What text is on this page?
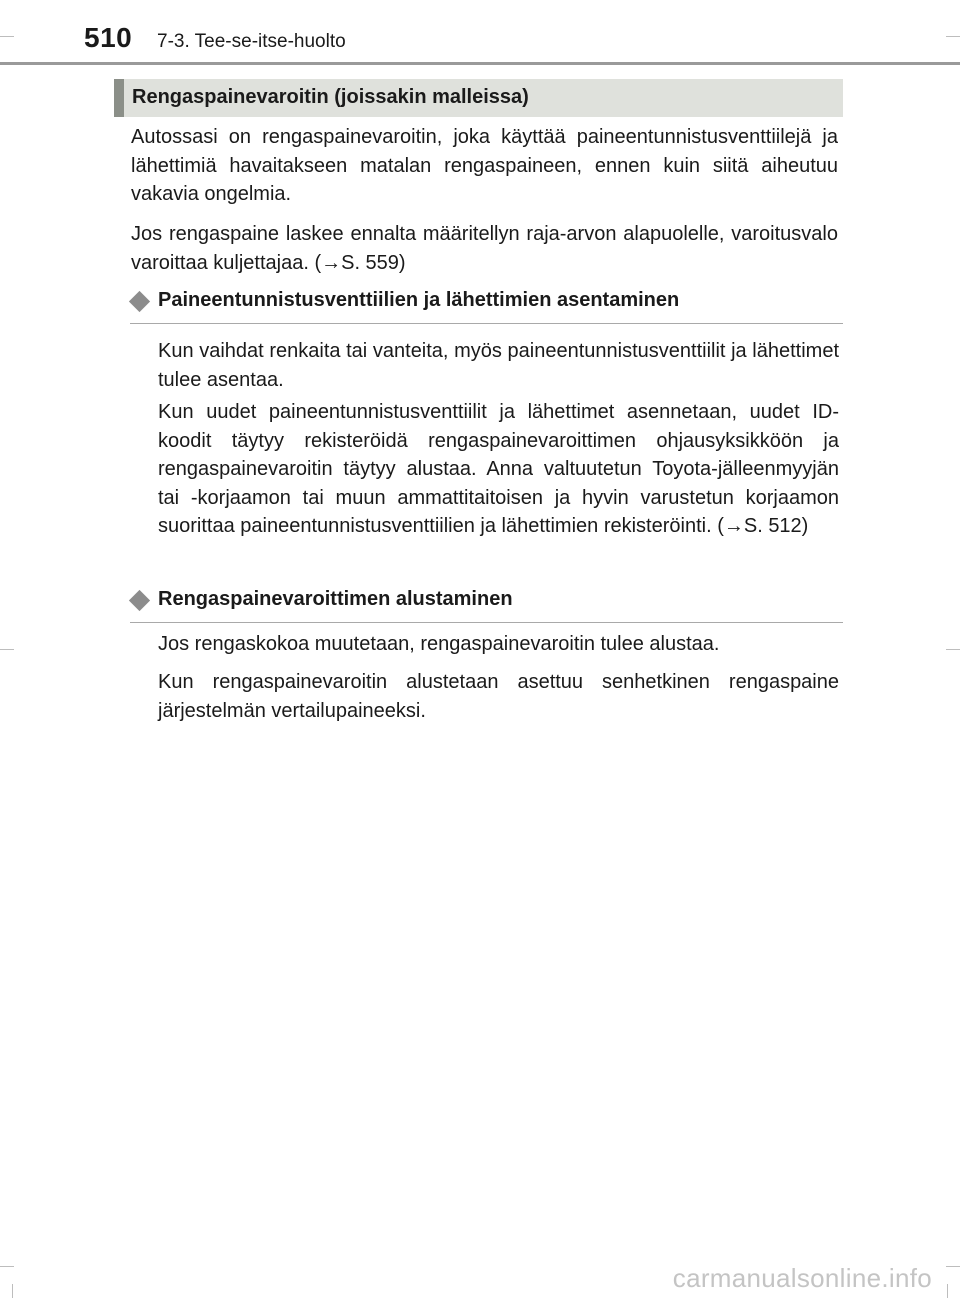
510 7-3. Tee-se-itse-huolto
Rengaspainevaroitin (joissakin malleissa)
Autossasi on rengaspainevaroitin, joka käyttää paineentunnistusventtiilejä ja lähettimiä havaitakseen matalan rengaspaineen, ennen kuin siitä aiheutuu vakavia ongelmia.
Jos rengaspaine laskee ennalta määritellyn raja-arvon alapuolelle, varoitusvalo varoittaa kuljettajaa. (→S. 559)
Paineentunnistusventtiilien ja lähettimien asentaminen
Kun vaihdat renkaita tai vanteita, myös paineentunnistusventtiilit ja lähettimet tulee asentaa.
Kun uudet paineentunnistusventtiilit ja lähettimet asennetaan, uudet ID-koodit täytyy rekisteröidä rengaspainevaroittimen ohjausyksikköön ja rengaspainevaroitin täytyy alustaa. Anna valtuutetun Toyota-jälleenmyyjän tai -korjaamon tai muun ammattitaitoisen ja hyvin varustetun korjaamon suorittaa paineentunnistusventtiilien ja lähettimien rekisteröinti. (→S. 512)
Rengaspainevaroittimen alustaminen
Jos rengaskokoa muutetaan, rengaspainevaroitin tulee alustaa.
Kun rengaspainevaroitin alustetaan asettuu senhetkinen rengaspaine järjestelmän vertailupaineeksi.
carmanualsonline.info
